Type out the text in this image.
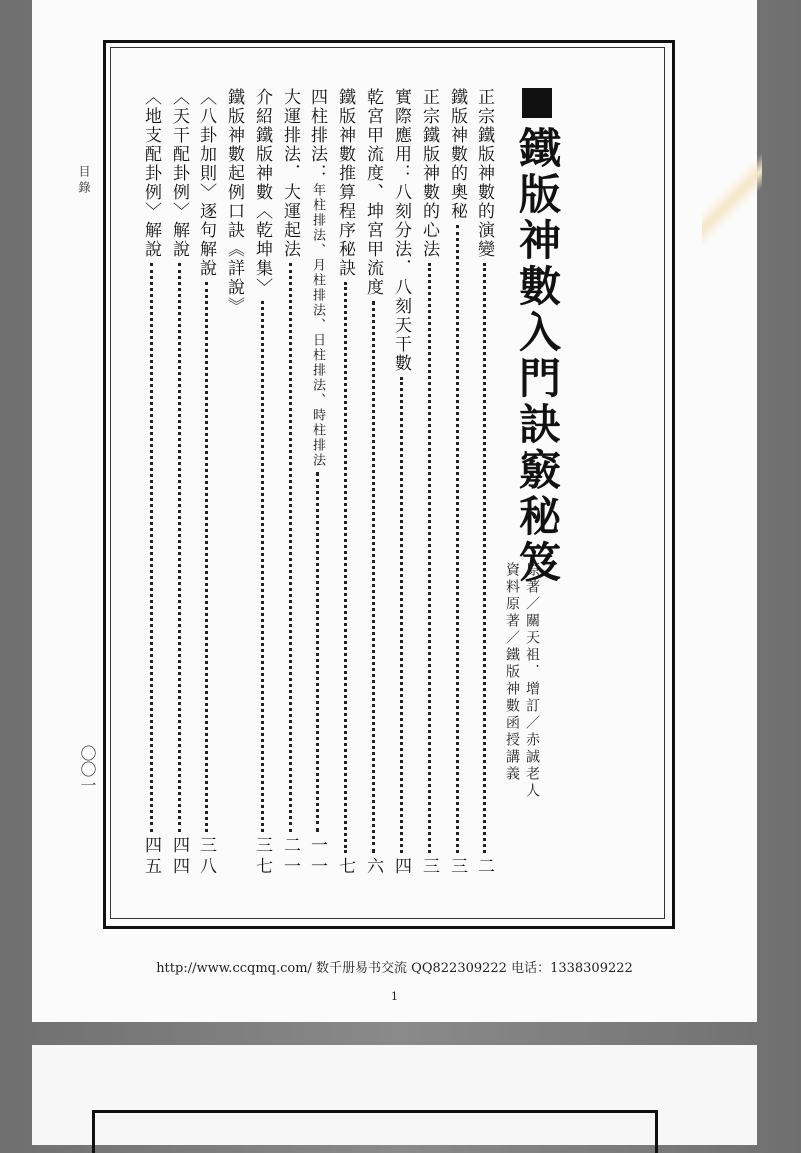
目 錄
〇〇一
鐵版神數入門訣竅秘笈
原著／關天祖．增訂／赤誠老人
資料原著／鐵版神數函授講義
正宗鐵版神數的演變
二
鐵版神數的奧秘
三
正宗鐵版神數的心法
三
實際應用：八刻分法．八刻天干數
四
乾宮甲流度、坤宮甲流度
六
鐵版神數推算程序秘訣
七
四柱排法：
年柱排法、月柱排法、日柱排法、時柱排法
一一
大運排法．大運起法
二一
介紹鐵版神數〈乾坤集〉
三七
鐵版神數起例口訣《詳說》
〈八卦加則〉逐句解說
三八
〈天干配卦例〉解說
四四
〈地支配卦例〉解說
四五
http://www.ccqmq.com/ 数千册易书交流 QQ822309222 电话：1338309222
1
